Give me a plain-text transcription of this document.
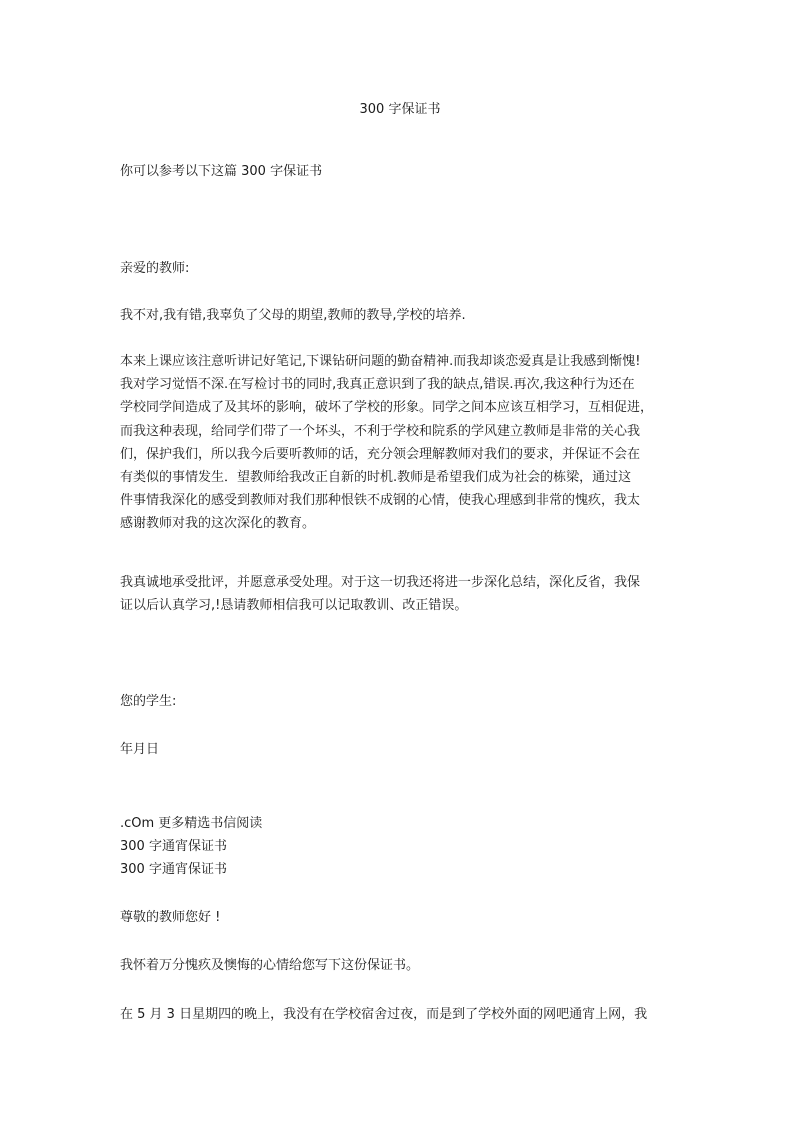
300 字保证书
你可以参考以下这篇 300 字保证书
亲爱的教师:
我不对,我有错,我辜负了父母的期望,教师的教导,学校的培养.
本来上课应该注意听讲记好笔记,下课钻研问题的勤奋精神.而我却谈恋爱真是让我感到惭愧!
我对学习觉悟不深.在写检讨书的同时,我真正意识到了我的缺点,错误.再次,我这种行为还在
学校同学间造成了及其坏的影响，破坏了学校的形象。同学之间本应该互相学习，互相促进，
而我这种表现，给同学们带了一个坏头，不利于学校和院系的学风建立教师是非常的关心我
们，保护我们，所以我今后要听教师的话，充分领会理解教师对我们的要求，并保证不会在
有类似的事情发生．望教师给我改正自新的时机.教师是希望我们成为社会的栋梁，通过这
件事情我深化的感受到教师对我们那种恨铁不成钢的心情，使我心理感到非常的愧疚，我太
感谢教师对我的这次深化的教育。
我真诚地承受批评，并愿意承受处理。对于这一切我还将进一步深化总结，深化反省，我保
证以后认真学习,!恳请教师相信我可以记取教训、改正错误。
您的学生:
年月日
.cOm 更多精选书信阅读
300 字通宵保证书
300 字通宵保证书
尊敬的教师您好 !
我怀着万分愧疚及懊悔的心情给您写下这份保证书。
在 5 月 3 日星期四的晚上，我没有在学校宿舍过夜，而是到了学校外面的网吧通宵上网，我
